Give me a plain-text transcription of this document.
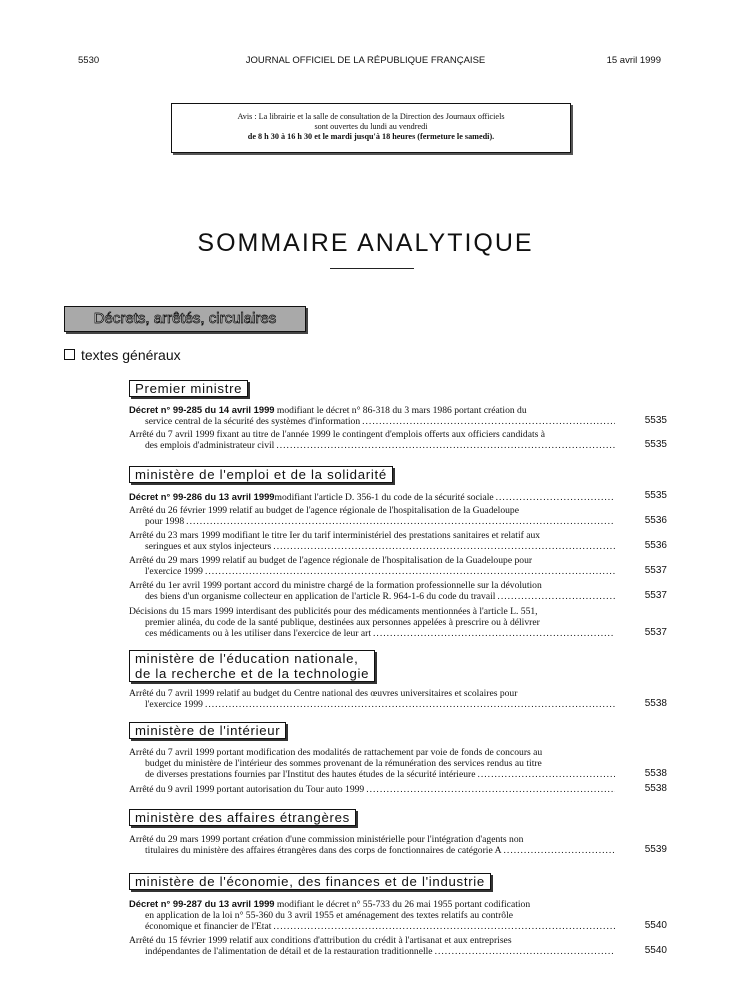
5530	JOURNAL OFFICIEL DE LA RÉPUBLIQUE FRANÇAISE	15 avril 1999
Avis : La librairie et la salle de consultation de la Direction des Journaux officiels
sont ouvertes du lundi au vendredi
de 8 h 30 à 16 h 30 et le mardi jusqu'à 18 heures (fermeture le samedi).
SOMMAIRE ANALYTIQUE
Décrets, arrêtés, circulaires
textes généraux
Premier ministre
Décret n° 99-285 du 14 avril 1999 modifiant le décret n° 86-318 du 3 mars 1986 portant création du
service central de la sécurité des systèmes d'information .....	5535
Arrêté du 7 avril 1999 fixant au titre de l'année 1999 le contingent d'emplois offerts aux officiers candidats à
des emplois d'administrateur civil .....	5535
ministère de l'emploi et de la solidarité
Décret n° 99-286 du 13 avril 1999 modifiant l'article D. 356-1 du code de la sécurité sociale .....	5535
Arrêté du 26 février 1999 relatif au budget de l'agence régionale de l'hospitalisation de la Guadeloupe
pour 1998 .....	5536
Arrêté du 23 mars 1999 modifiant le titre Ier du tarif interministériel des prestations sanitaires et relatif aux
seringues et aux stylos injecteurs .....	5536
Arrêté du 29 mars 1999 relatif au budget de l'agence régionale de l'hospitalisation de la Guadeloupe pour
l'exercice 1999 .....	5537
Arrêté du 1er avril 1999 portant accord du ministre chargé de la formation professionnelle sur la dévolution
des biens d'un organisme collecteur en application de l'article R. 964-1-6 du code du travail .....	5537
Décisions du 15 mars 1999 interdisant des publicités pour des médicaments mentionnées à l'article L. 551,
premier alinéa, du code de la santé publique, destinées aux personnes appelées à prescrire ou à délivrer
ces médicaments ou à les utiliser dans l'exercice de leur art .....	5537
ministère de l'éducation nationale,
de la recherche et de la technologie
Arrêté du 7 avril 1999 relatif au budget du Centre national des œuvres universitaires et scolaires pour
l'exercice 1999 .....	5538
ministère de l'intérieur
Arrêté du 7 avril 1999 portant modification des modalités de rattachement par voie de fonds de concours au
budget du ministère de l'intérieur des sommes provenant de la rémunération des services rendus au titre
de diverses prestations fournies par l'Institut des hautes études de la sécurité intérieure .....	5538
Arrêté du 9 avril 1999 portant autorisation du Tour auto 1999 .....	5538
ministère des affaires étrangères
Arrêté du 29 mars 1999 portant création d'une commission ministérielle pour l'intégration d'agents non
titulaires du ministère des affaires étrangères dans des corps de fonctionnaires de catégorie A .....	5539
ministère de l'économie, des finances et de l'industrie
Décret n° 99-287 du 13 avril 1999 modifiant le décret n° 55-733 du 26 mai 1955 portant codification
en application de la loi n° 55-360 du 3 avril 1955 et aménagement des textes relatifs au contrôle
économique et financier de l'Etat .....	5540
Arrêté du 15 février 1999 relatif aux conditions d'attribution du crédit à l'artisanat et aux entreprises
indépendantes de l'alimentation de détail et de la restauration traditionnelle .....	5540
